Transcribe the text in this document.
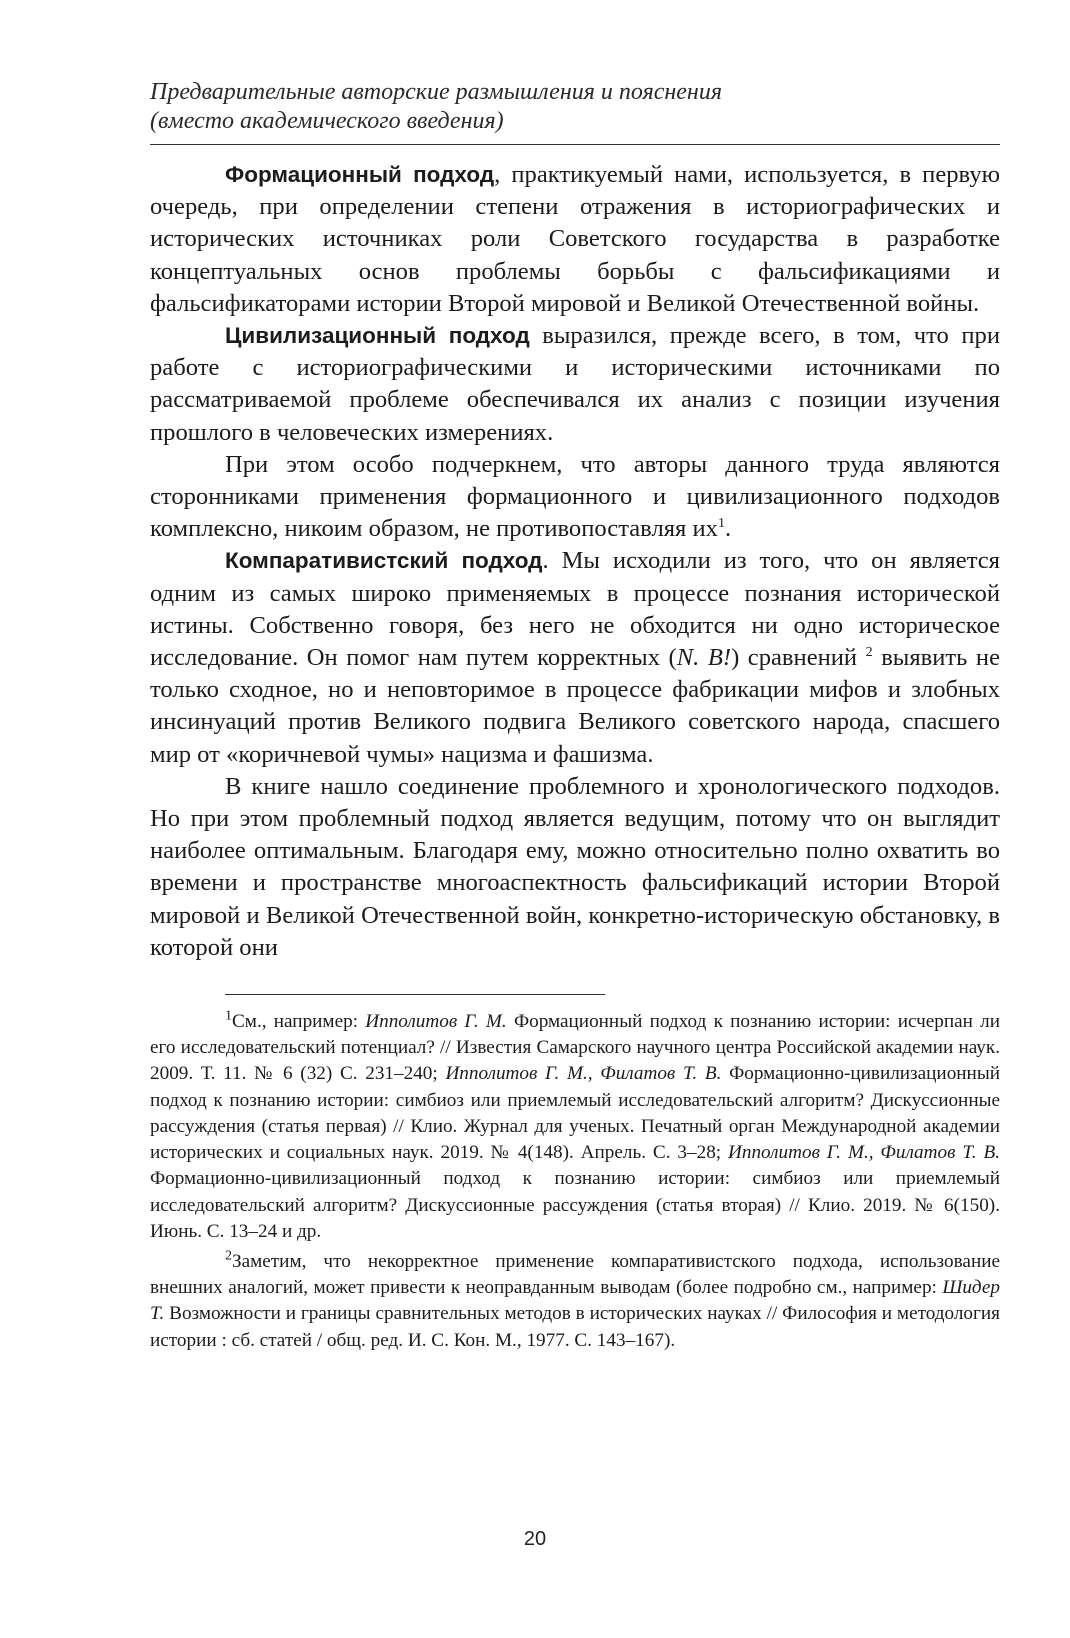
Предварительные авторские размышления и пояснения
(вместо академического введения)

Формационный подход, практикуемый нами, используется, в первую очередь, при определении степени отражения в историографических и исторических источниках роли Советского государства в разработке концептуальных основ проблемы борьбы с фальсификациями и фальсификаторами истории Второй мировой и Великой Отечественной войны.

Цивилизационный подход выразился, прежде всего, в том, что при работе с историографическими и историческими источниками по рассматриваемой проблеме обеспечивался их анализ с позиции изучения прошлого в человеческих измерениях.

При этом особо подчеркнем, что авторы данного труда являются сторонниками применения формационного и цивилизационного подходов комплексно, никоим образом, не противопоставляя $их^1$.

Компаративистский подход. Мы исходили из того, что он является одним из самых широко применяемых в процессе познания исторической истины. Собственно говоря, без него не обходится ни одно историческое исследование. Он помог нам путем корректных (N. B!) сравнений $^2$ выявить не только сходное, но и неповторимое в процессе фабрикации мифов и злобных инсинуаций против Великого подвига Великого советского народа, спасшего мир от «коричневой чумы» нацизма и фашизма.

В книге нашло соединение проблемного и хронологического подходов. Но при этом проблемный подход является ведущим, потому что он выглядит наиболее оптимальным. Благодаря ему, можно относительно полно охватить во времени и пространстве многоаспектность фальсификаций истории Второй мировой и Великой Отечественной войн, конкретно-историческую обстановку, в которой они

$^1$См., например: Ипполитов Г. М. Формационный подход к познанию истории: исчерпан ли его исследовательский потенциал? // Известия Самарского научного центра Российской академии наук. 2009. Т. 11. № 6 (32) С. 231–240; Ипполитов Г. М., Филатов Т. В. Формационно-цивилизационный подход к познанию истории: симбиоз или приемлемый исследовательский алгоритм? Дискуссионные рассуждения (статья первая) // Клио. Журнал для ученых. Печатный орган Международной академии исторических и социальных наук. 2019. № 4(148). Апрель. С. 3–28; Ипполитов Г. М., Филатов Т. В. Формационно-цивилизационный подход к познанию истории: симбиоз или приемлемый исследовательский алгоритм? Дискуссионные рассуждения (статья вторая) // Клио. 2019. № 6(150). Июнь. С. 13–24 и др.

$^2$Заметим, что некорректное применение компаративистского подхода, использование внешних аналогий, может привести к неоправданным выводам (более подробно см., например: Шидер Т. Возможности и границы сравнительных методов в исторических науках // Философия и методология истории : сб. статей / общ. ред. И. С. Кон. М., 1977. С. 143–167).

20
